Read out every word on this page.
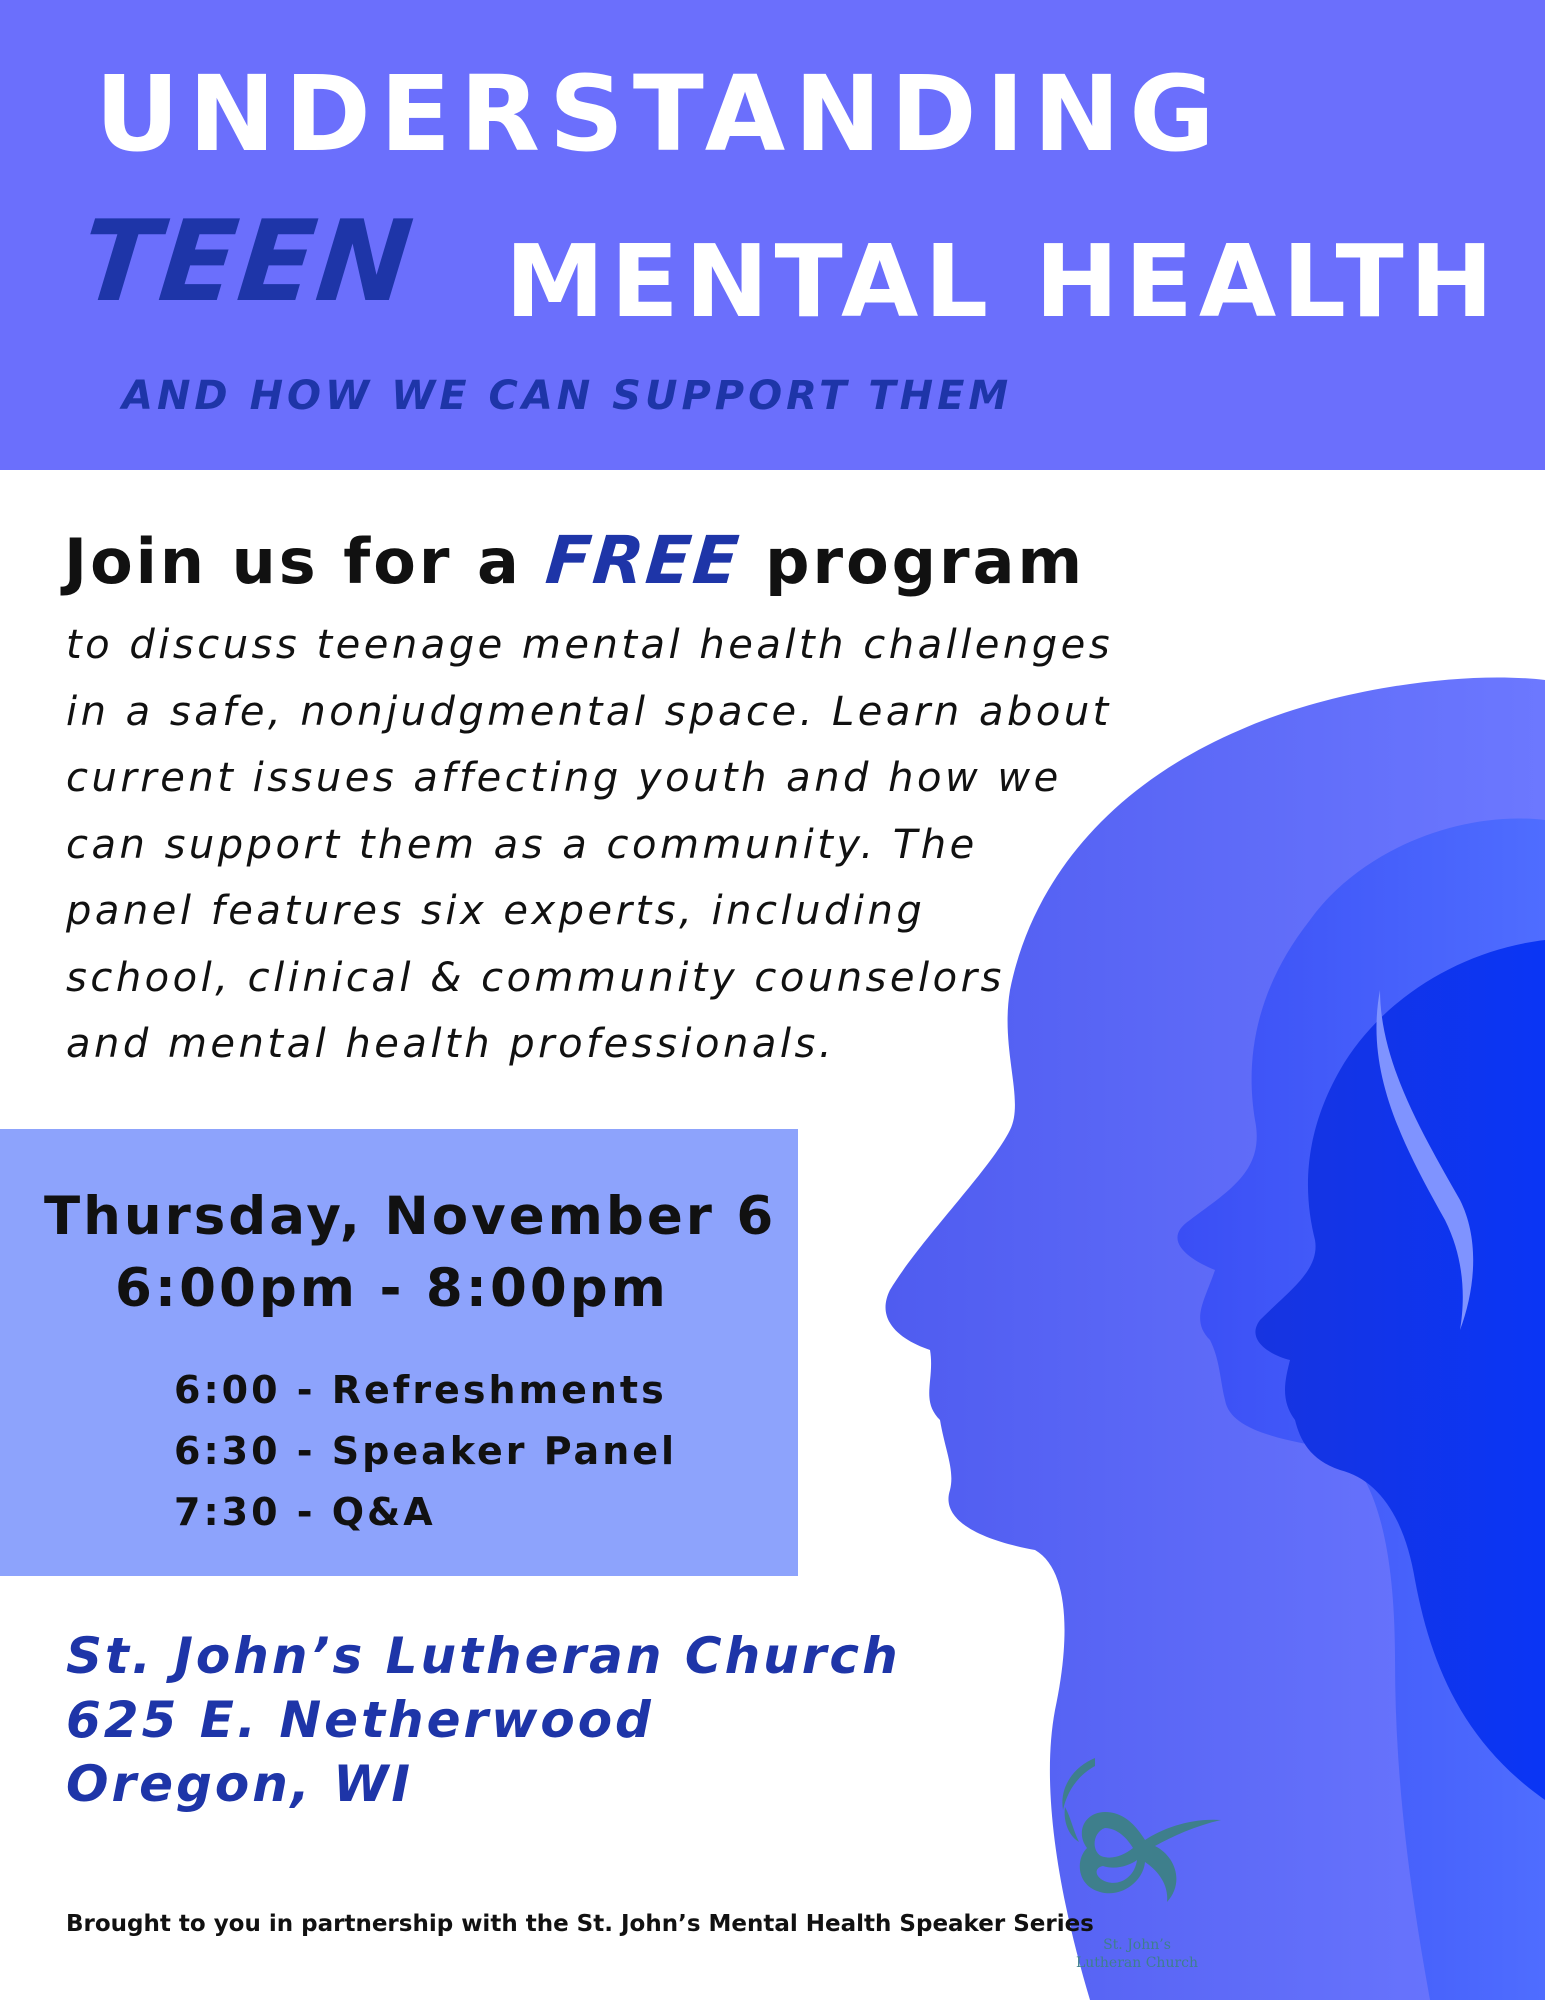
UNDERSTANDING
TEEN MENTAL HEALTH
AND HOW WE CAN SUPPORT THEM
Join us for a FREE program
to discuss teenage mental health challenges
in a safe, nonjudgmental space. Learn about
current issues affecting youth and how we
can support them as a community. The
panel features six experts, including
school, clinical & community counselors
and mental health professionals.
Thursday, November 6
6:00pm - 8:00pm
6:00 - Refreshments
6:30 - Speaker Panel
7:30 - Q&A
St. John’s Lutheran Church
625 E. Netherwood
Oregon, WI
Brought to you in partnership with the St. John’s Mental Health Speaker Series
St. John’s
Lutheran Church
